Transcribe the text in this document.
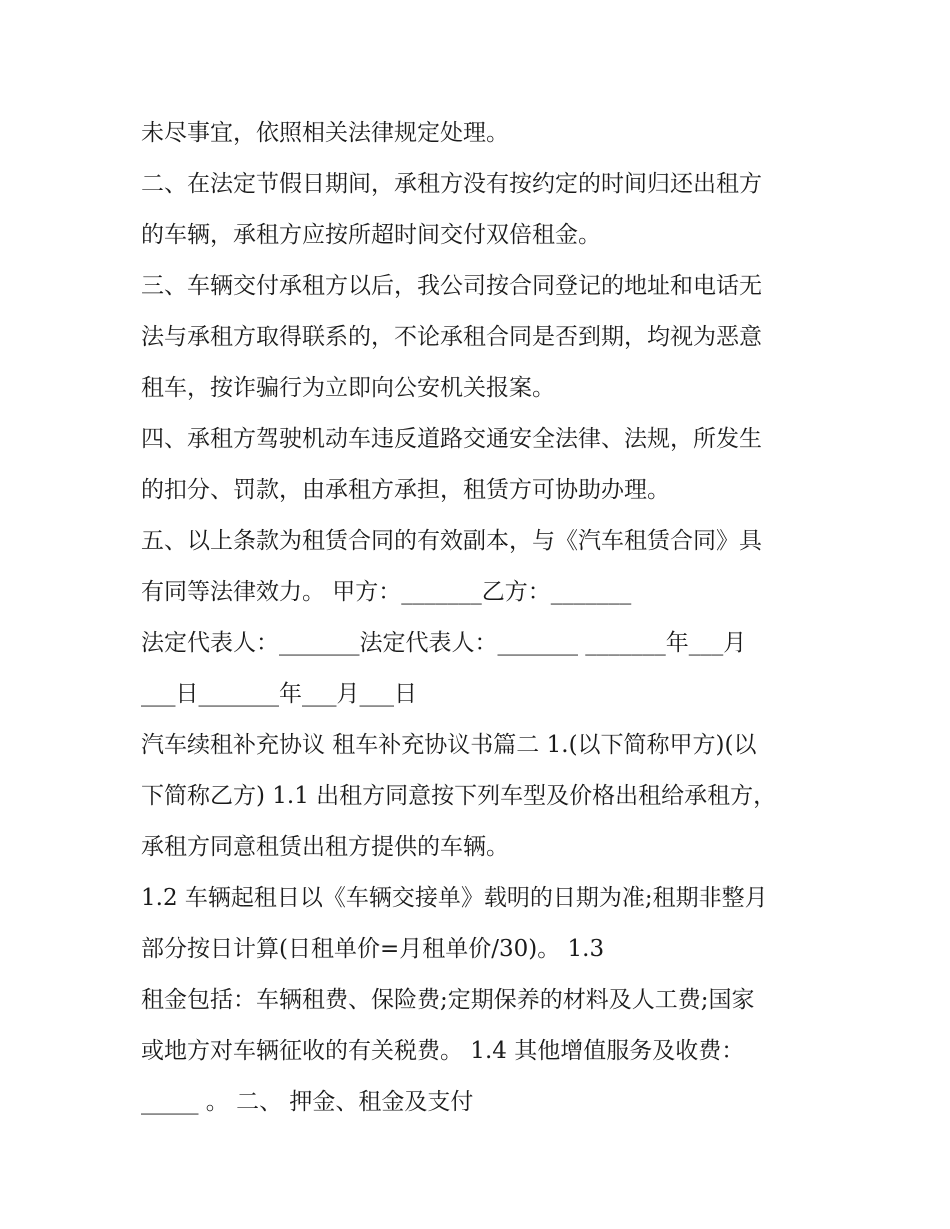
未尽事宜，依照相关法律规定处理。
二、在法定节假日期间，承租方没有按约定的时间归还出租方
的车辆，承租方应按所超时间交付双倍租金。
三、车辆交付承租方以后，我公司按合同登记的地址和电话无
法与承租方取得联系的，不论承租合同是否到期，均视为恶意
租车，按诈骗行为立即向公安机关报案。
四、承租方驾驶机动车违反道路交通安全法律、法规，所发生
的扣分、罚款，由承租方承担，租赁方可协助办理。
五、以上条款为租赁合同的有效副本，与《汽车租赁合同》具
有同等法律效力。 甲方：_______乙方：_______
法定代表人：_______法定代表人：_______ _______年___月
___日_______年___月___日
汽车续租补充协议 租车补充协议书篇二 1.(以下简称甲方)(以
下简称乙方) 1.1 出租方同意按下列车型及价格出租给承租方，
承租方同意租赁出租方提供的车辆。
1.2 车辆起租日以《车辆交接单》载明的日期为准;租期非整月
部分按日计算(日租单价=月租单价/30)。 1.3
租金包括：车辆租费、保险费;定期保养的材料及人工费;国家
或地方对车辆征收的有关税费。 1.4 其他增值服务及收费：
_____ 。 二、 押金、租金及支付
